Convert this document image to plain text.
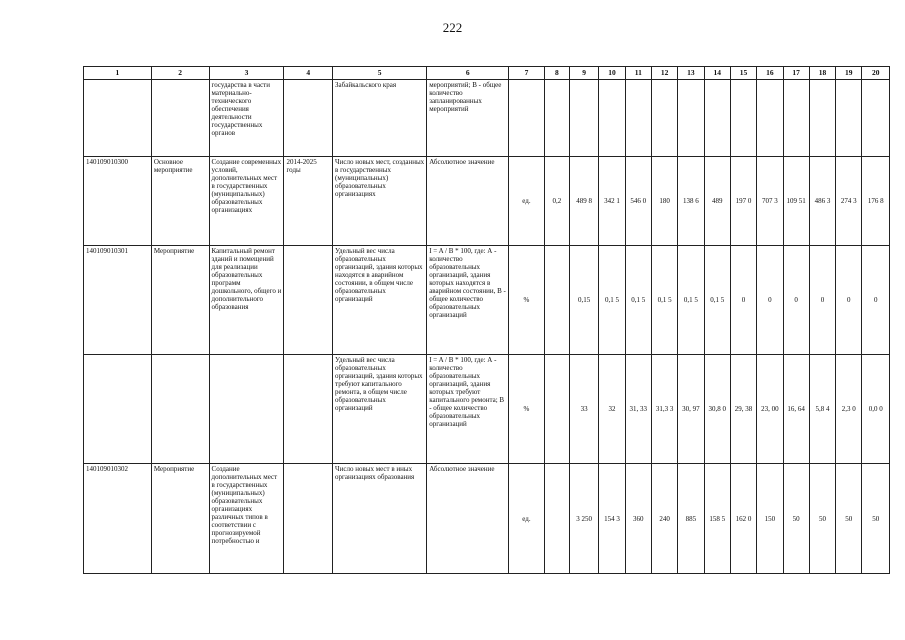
222
1	2	3	4	5	6	7	8	9	10	11	12	13	14	15	16	17	18	19	20
		государства в части материально-технического обеспечения деятельности государственных органов		Забайкальского края	мероприятий; В - общее количество запланированных мероприятий														
140109010300	Основное мероприятие	Создание современных условий, дополнительных мест в государственных (муниципальных) образовательных организациях	2014-2025 годы	Число новых мест, созданных в государственных (муниципальных) образовательных организациях	Абсолютное значение	ед.	0,2	489 8	342 1	546 0	180	138 6	489	197 0	707 3	109 51	486 3	274 3	176 8
140109010301	Мероприятие	Капитальный ремонт зданий и помещений для реализации образовательных программ дошкольного, общего и дополнительного образования		Удельный вес числа образовательных организаций, здания которых находятся в аварийном состоянии, в общем числе образовательных организаций	I = A / B * 100, где: А - количество образовательных организаций, здания которых находятся в аварийном состоянии, В - общее количество образовательных организаций	%		0,15	0,1 5	0,1 5	0,1 5	0,1 5	0,1 5	0	0	0	0	0	0
				Удельный вес числа образовательных организаций, здания которых требуют капитального ремонта, в общем числе образовательных организаций	I = A / B * 100, где: А - количество образовательных организаций, здания которых требуют капитального ремонта; В - общее количество образовательных организаций	%		33	32	31, 33	31,3 3	30, 97	30,8 0	29, 38	23, 00	16, 64	5,8 4	2,3 0	0,0 0
140109010302	Мероприятие	Создание дополнительных мест в государственных (муниципальных) образовательных организациях различных типов в соответствии с прогнозируемой потребностью и		Число новых мест в иных организациях образования	Абсолютное значение	ед.		3 250	154 3	360	240	885	158 5	162 0	150	50	50	50	50
